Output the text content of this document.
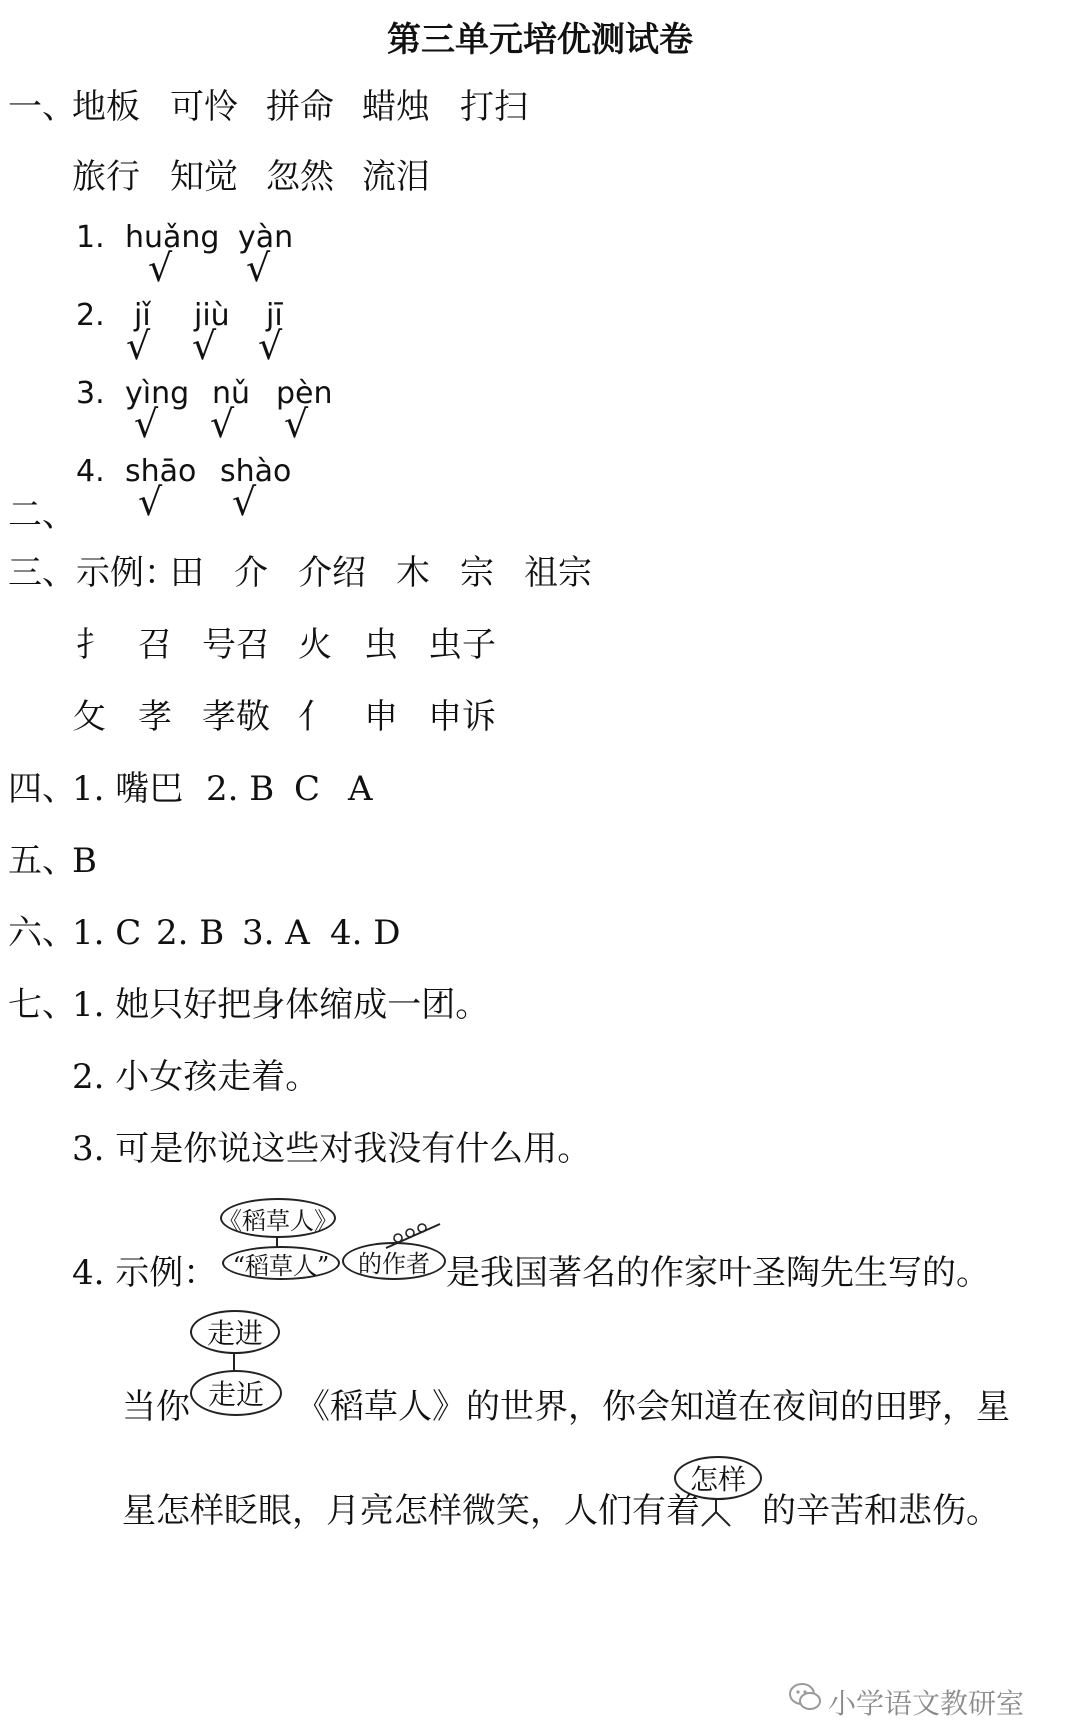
第三单元培优测试卷
一、
地板 可怜 拼命 蜡烛 打扫
旅行 知觉 忽然 流泪
1. huǎng yàn
√ √
2. jǐ jiù jī
√ √ √
3. yìng nǔ pèn
√ √ √
4. shāo shào
√ √
二、
三、示例：
田 介 介绍 木 宗 祖宗
扌 召 号召 火 虫 虫子
攵 孝 孝敬 亻 申 申诉
四、
1. 嘴巴 2. B C A
五、
B
六、
1. C 2. B 3. A 4. D
七、
1. 她只好把身体缩成一团。
2. 小女孩走着。
3. 可是你说这些对我没有什么用。
《稻草人》
4. 示例： “稻草人”	的作者 是我国著名的作家叶圣陶先生写的。
走进
当你 走近 《稻草人》的世界，你会知道在夜间的田野，星
星怎样眨眼，月亮怎样微笑，人们有着
怎样
的辛苦和悲伤。
小学语文教研室
